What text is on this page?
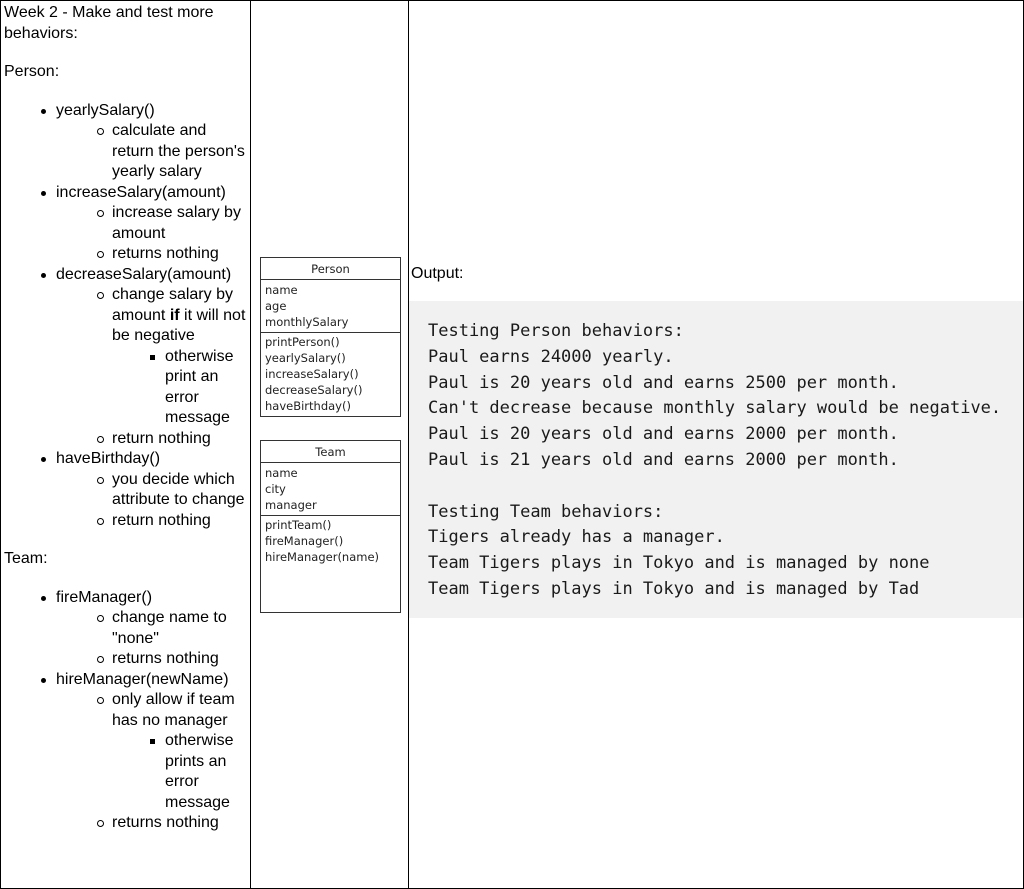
Week 2 - Make and test more behaviors:

Person:

yearlySalary()
calculate and return the person's yearly salary
increaseSalary(amount)
increase salary by amount
returns nothing
decreaseSalary(amount)
change salary by amount if it will not be negative
otherwise print an error message
return nothing
haveBirthday()
you decide which attribute to change
return nothing

Team:

fireManager()
change name to "none"
returns nothing
hireManager(newName)
only allow if team has no manager
otherwise prints an error message
returns nothing

Person
name
age
monthlySalary
printPerson()
yearlySalary()
increaseSalary()
decreaseSalary()
haveBirthday()
Team
name
city
manager
printTeam()
fireManager()
hireManager(name)

Output:
Testing Person behaviors:
Paul earns 24000 yearly.
Paul is 20 years old and earns 2500 per month.
Can't decrease because monthly salary would be negative.
Paul is 20 years old and earns 2000 per month.
Paul is 21 years old and earns 2000 per month.
Testing Team behaviors:
Tigers already has a manager.
Team Tigers plays in Tokyo and is managed by none
Team Tigers plays in Tokyo and is managed by Tad
